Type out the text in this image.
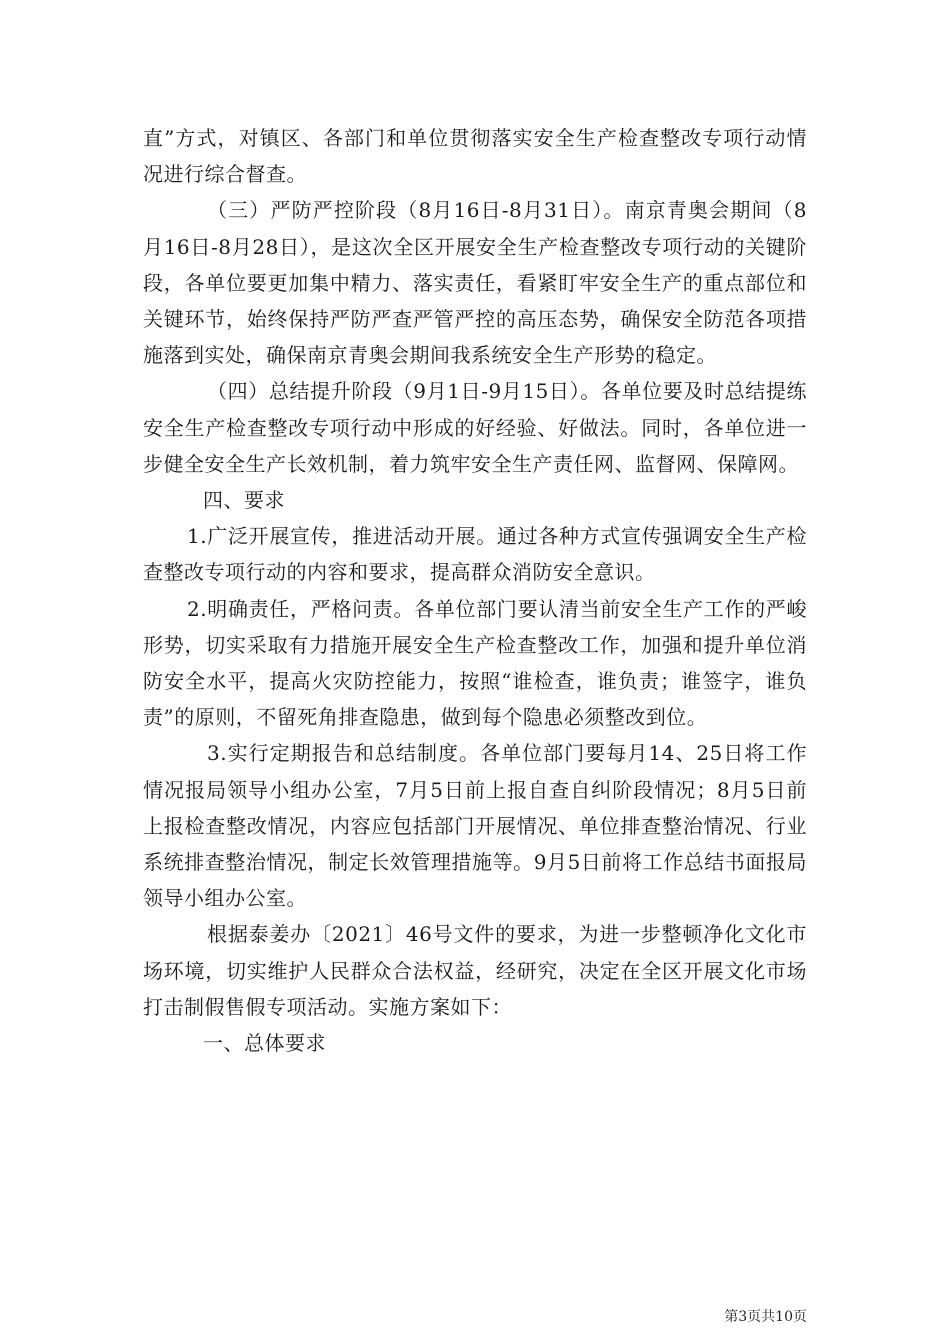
直”方式，对镇区、各部门和单位贯彻落实安全生产检查整改专项行动情况进行综合督查。

（三）严防严控阶段（8月16日-8月31日）。南京青奥会期间（8月16日-8月28日），是这次全区开展安全生产检查整改专项行动的关键阶段，各单位要更加集中精力、落实责任，看紧盯牢安全生产的重点部位和关键环节，始终保持严防严查严管严控的高压态势，确保安全防范各项措施落到实处，确保南京青奥会期间我系统安全生产形势的稳定。

（四）总结提升阶段（9月1日-9月15日）。各单位要及时总结提练安全生产检查整改专项行动中形成的好经验、好做法。同时，各单位进一步健全安全生产长效机制，着力筑牢安全生产责任网、监督网、保障网。

四、要求

1.广泛开展宣传，推进活动开展。通过各种方式宣传强调安全生产检查整改专项行动的内容和要求，提高群众消防安全意识。

2.明确责任，严格问责。各单位部门要认清当前安全生产工作的严峻形势，切实采取有力措施开展安全生产检查整改工作，加强和提升单位消防安全水平，提高火灾防控能力，按照“谁检查，谁负责；谁签字，谁负责”的原则，不留死角排查隐患，做到每个隐患必须整改到位。

3.实行定期报告和总结制度。各单位部门要每月14、25日将工作情况报局领导小组办公室，7月5日前上报自查自纠阶段情况；8月5日前上报检查整改情况，内容应包括部门开展情况、单位排查整治情况、行业系统排查整治情况，制定长效管理措施等。9月5日前将工作总结书面报局领导小组办公室。

根据泰姜办〔2021〕46号文件的要求，为进一步整顿净化文化市场环境，切实维护人民群众合法权益，经研究，决定在全区开展文化市场打击制假售假专项活动。实施方案如下：

一、总体要求

第3页共10页
